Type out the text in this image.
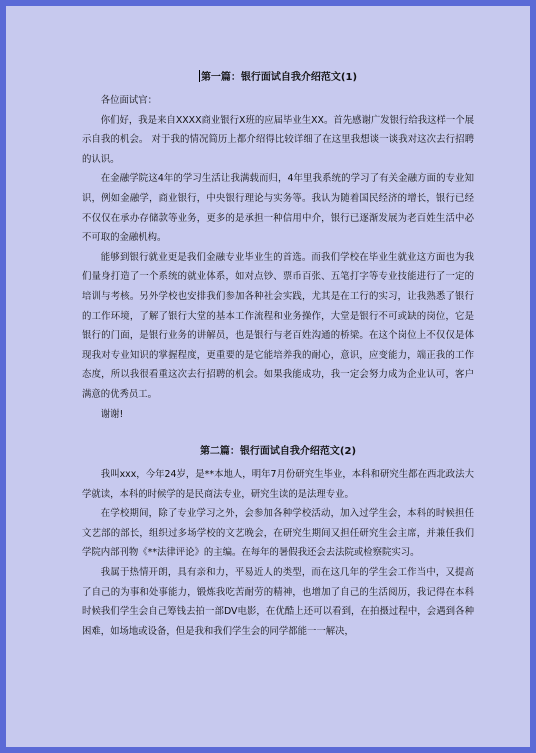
第一篇：银行面试自我介绍范文(1)

各位面试官：

你们好，我是来自XXXX商业银行X班的应届毕业生XX。首先感谢广发银行给我这样一个展示自我的机会。 对于我的情况简历上都介绍得比较详细了在这里我想谈一谈我对这次去行招聘的认识。

在金融学院这4年的学习生活让我满载而归，4年里我系统的学习了有关金融方面的专业知识，例如金融学，商业银行，中央银行理论与实务等。我认为随着国民经济的增长，银行已经不仅仅在承办存储款等业务，更多的是承担一种信用中介，银行已逐渐发展为老百姓生活中必不可取的金融机构。

能够到银行就业更是我们金融专业毕业生的首选。而我们学校在毕业生就业这方面也为我们量身打造了一个系统的就业体系，如对点钞、票币百张、五笔打字等专业技能进行了一定的培训与考核。另外学校也安排我们参加各种社会实践，尤其是在工行的实习，让我熟悉了银行的工作环境，了解了银行大堂的基本工作流程和业务操作，大堂是银行不可或缺的岗位，它是银行的门面，是银行业务的讲解员，也是银行与老百姓沟通的桥梁。在这个岗位上不仅仅是体现我对专业知识的掌握程度，更重要的是它能培养我的耐心，意识，应变能力，端正我的工作态度，所以我很看重这次去行招聘的机会。如果我能成功，我一定会努力成为企业认可，客户满意的优秀员工。

谢谢!

第二篇：银行面试自我介绍范文(2)

我叫xxx，今年24岁，是**本地人，明年7月份研究生毕业，本科和研究生都在西北政法大学就读，本科的时候学的是民商法专业，研究生读的是法理专业。

在学校期间，除了专业学习之外，会参加各种学校活动，加入过学生会，本科的时候担任文艺部的部长，组织过多场学校的文艺晚会，在研究生期间又担任研究生会主席，并兼任我们学院内部刊物《**法律评论》的主编。在每年的暑假我还会去法院或检察院实习。

我属于热情开朗，具有亲和力，平易近人的类型，而在这几年的学生会工作当中，又提高了自己的为事和处事能力，锻炼我吃苦耐劳的精神，也增加了自己的生活阅历，我记得在本科时候我们学生会自己筹钱去拍一部DV电影，在优酷上还可以看到，在拍摄过程中，会遇到各种困难，如场地或设备，但是我和我们学生会的同学都能一一解决，
